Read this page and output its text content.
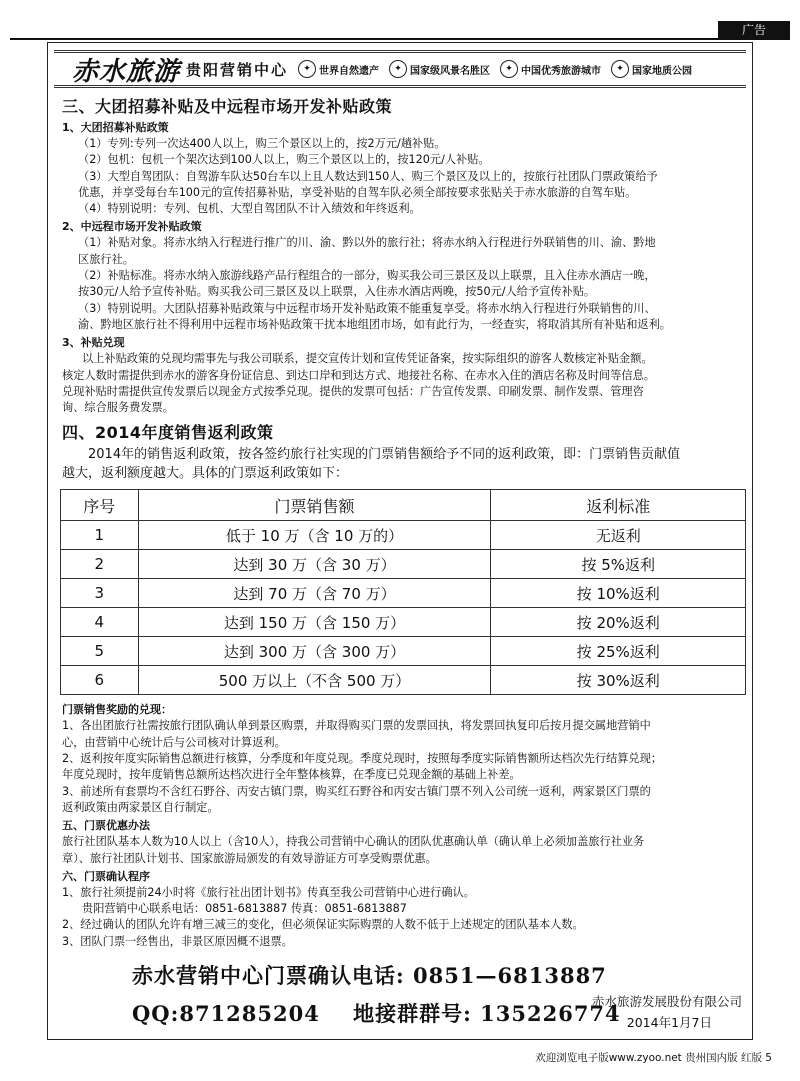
广告
赤水旅游 贵阳营销中心	✦ 世界自然遗产	✦ 国家级风景名胜区	✦ 中国优秀旅游城市	✦ 国家地质公园
三、大团招募补贴及中远程市场开发补贴政策
1、大团招募补贴政策

（1）专列:专列一次达400人以上，购三个景区以上的，按2万元/趟补贴。

（2）包机：包机一个架次达到100人以上，购三个景区以上的，按120元/人补贴。

（3）大型自驾团队：自驾游车队达50台车以上且人数达到150人、购三个景区及以上的，按旅行社团队门票政策给予

优惠，并享受每台车100元的宣传招募补贴，享受补贴的自驾车队必须全部按要求张贴关于赤水旅游的自驾车贴。

（4）特别说明：专列、包机、大型自驾团队不计入绩效和年终返利。

2、中远程市场开发补贴政策

（1）补贴对象。将赤水纳入行程进行推广的川、渝、黔以外的旅行社；将赤水纳入行程进行外联销售的川、渝、黔地

区旅行社。

（2）补贴标准。将赤水纳入旅游线路产品行程组合的一部分，购买我公司三景区及以上联票，且入住赤水酒店一晚，

按30元/人给予宣传补贴。购买我公司三景区及以上联票，入住赤水酒店两晚，按50元/人给予宣传补贴。

（3）特别说明。大团队招募补贴政策与中远程市场开发补贴政策不能重复享受。将赤水纳入行程进行外联销售的川、

渝、黔地区旅行社不得利用中远程市场补贴政策干扰本地组团市场，如有此行为，一经查实，将取消其所有补贴和返利。

3、补贴兑现

以上补贴政策的兑现均需事先与我公司联系，提交宣传计划和宣传凭证备案，按实际组织的游客人数核定补贴金额。

核定人数时需提供到赤水的游客身份证信息、到达口岸和到达方式、地接社名称、在赤水入住的酒店名称及时间等信息。

兑现补贴时需提供宣传发票后以现金方式按季兑现。提供的发票可包括：广告宣传发票、印刷发票、制作发票、管理咨

询、综合服务费发票。

四、2014年度销售返利政策

2014年的销售返利政策，按各签约旅行社实现的门票销售额给予不同的返利政策，即：门票销售贡献值

越大，返利额度越大。具体的门票返利政策如下：

序号	门票销售额	返利标准
1	低于 10 万（含 10 万的）	无返利
2	达到 30 万（含 30 万）	按 5%返利
3	达到 70 万（含 70 万）	按 10%返利
4	达到 150 万（含 150 万）	按 20%返利
5	达到 300 万（含 300 万）	按 25%返利
6	500 万以上（不含 500 万）	按 30%返利
门票销售奖励的兑现：

1、各出团旅行社需按旅行团队确认单到景区购票，并取得购买门票的发票回执，将发票回执复印后按月提交属地营销中

心，由营销中心统计后与公司核对计算返利。

2、返利按年度实际销售总额进行核算，分季度和年度兑现。季度兑现时，按照每季度实际销售额所达档次先行结算兑现；

年度兑现时，按年度销售总额所达档次进行全年整体核算，在季度已兑现金额的基础上补差。

3、前述所有套票均不含红石野谷、丙安古镇门票，购买红石野谷和丙安古镇门票不列入公司统一返利，两家景区门票的

返利政策由两家景区自行制定。

五、门票优惠办法

旅行社团队基本人数为10人以上（含10人），持我公司营销中心确认的团队优惠确认单（确认单上必须加盖旅行社业务

章）、旅行社团队计划书、国家旅游局颁发的有效导游证方可享受购票优惠。

六、门票确认程序

1、旅行社须提前24小时将《旅行社出团计划书》传真至我公司营销中心进行确认。

贵阳营销中心联系电话：0851-6813887 传真：0851-6813887

2、经过确认的团队允许有增三减三的变化，但必须保证实际购票的人数不低于上述规定的团队基本人数。

3、团队门票一经售出，非景区原因概不退票。

赤水营销中心门票确认电话: 0851—6813887

QQ:871285204    地接群群号: 135226774

赤水旅游发展股份有限公司
2014年1月7日
欢迎浏览电子版www.zyoo.net 贵州国内版 红版 5
